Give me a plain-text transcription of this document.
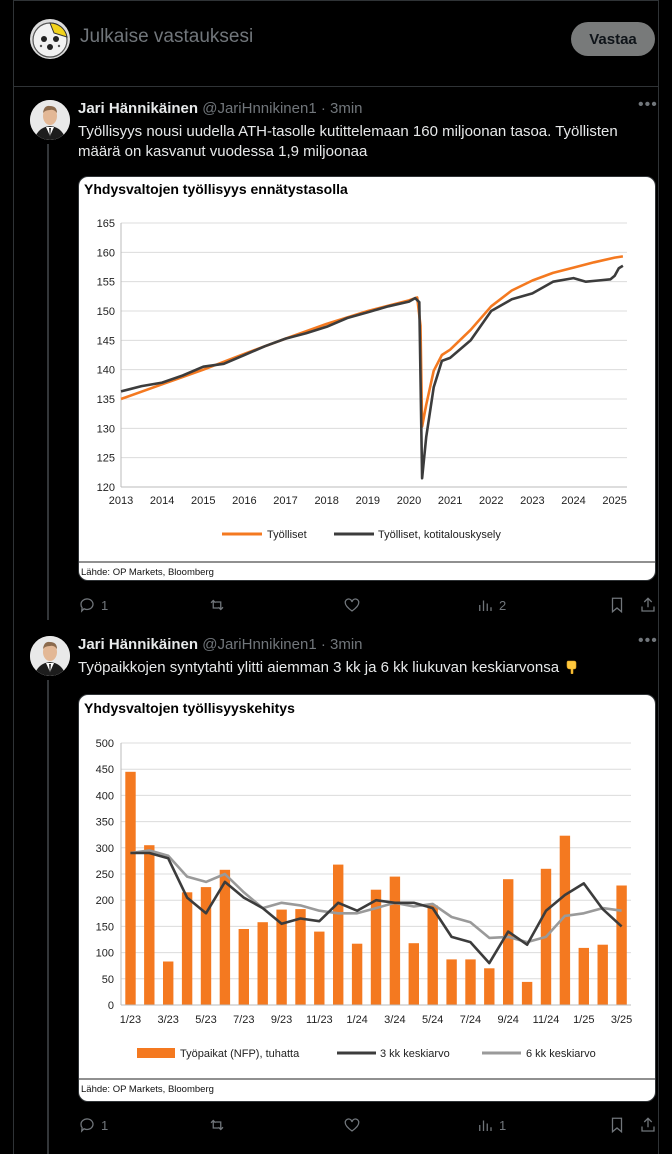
Julkaise vastauksesi	Vastaa
Jari Hännikäinen @JariHnnikinen1 · 3min	•••
Työllisyys nousi uudella ATH-tasolle kutittelemaan 160 miljoonan tasoa. Työllisten määrä on kasvanut vuodessa 1,9 miljoonaa
Yhdysvaltojen työllisyys ennätystasolla
165
160
155
150
145
140
135
130
125
120
2013 2014 2015 2016 2017 2018 2019 2020 2021 2022 2023 2024 2025
Työlliset	Työlliset, kotitalouskysely
Lähde: OP Markets, Bloomberg
1	2
Jari Hännikäinen @JariHnnikinen1 · 3min	•••
Työpaikkojen syntytahti ylitti aiemman 3 kk ja 6 kk liukuvan keskiarvonsa
Yhdysvaltojen työllisyyskehitys
500
450
400
350
300
250
200
150
100
50
0
1/23 3/23 5/23 7/23 9/23 11/23 1/24 3/24 5/24 7/24 9/24 11/24 1/25 3/25
Työpaikat (NFP), tuhatta	3 kk keskiarvo	6 kk keskiarvo
Lähde: OP Markets, Bloomberg
1	1
